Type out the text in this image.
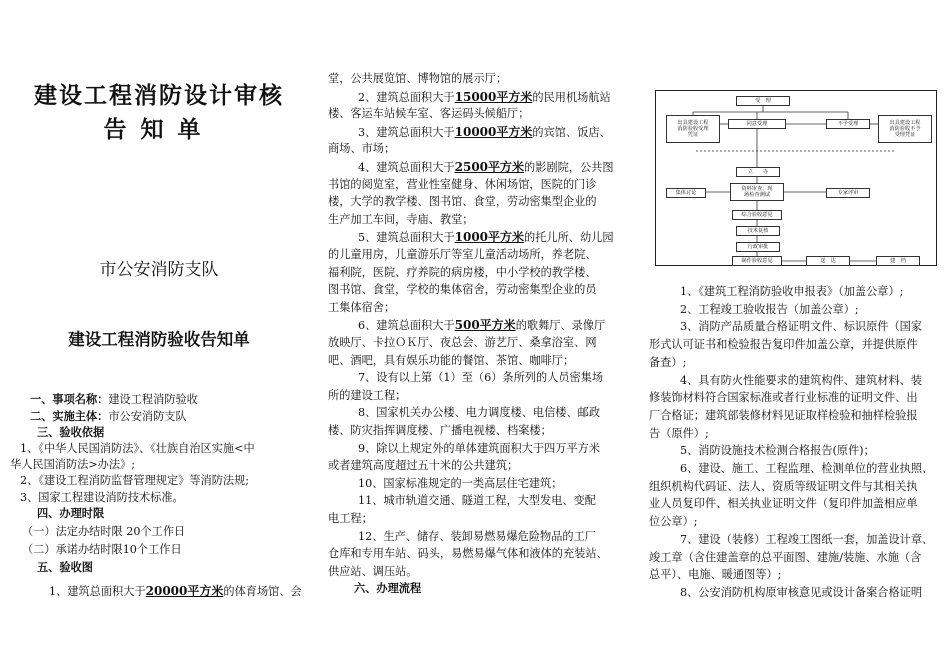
建设工程消防设计审核
告知单
市公安消防支队
建设工程消防验收告知单
一、事项名称：建设工程消防验收
二、实施主体：市公安消防支队
三、验收依据
1、《中华人民国消防法》、《壮族自治区实施<中
华人民国消防法>办法》;
2、《建设工程消防监督管理规定》等消防法规;
3、国家工程建设消防技术标准。
四、办理时限
（一）法定办结时限 20个工作日
（二）承诺办结时限10个工作日
五、验收图
1、建筑总面积大于20000平方米的体育场馆、会
堂，公共展览馆、博物馆的展示厅；
2、建筑总面积大于15000平方米的民用机场航站
楼、客运车站候车室、客运码头候船厅；
3、建筑总面积大于10000平方米的宾馆、饭店、
商场、市场；
4、建筑总面积大于2500平方米的影剧院，公共图
书馆的阅览室，营业性室健身、休闲场馆，医院的门诊
楼，大学的教学楼、图书馆、食堂，劳动密集型企业的
生产加工车间，寺庙、教堂；
5、建筑总面积大于1000平方米的托儿所、幼儿园
的儿童用房，儿童游乐厅等室儿童活动场所，养老院、
福利院，医院、疗养院的病房楼，中小学校的教学楼、
图书馆、食堂，学校的集体宿舍，劳动密集型企业的员
工集体宿舍；
6、建筑总面积大于500平方米的歌舞厅、录像厅
放映厅、卡拉ＯＫ厅、夜总会、游艺厅、桑拿浴室、网
吧、酒吧，具有娱乐功能的餐馆、茶馆、咖啡厅；
7、设有以上第（1）至（6）条所列的人员密集场
所的建设工程；
8、国家机关办公楼、电力调度楼、电信楼、邮政
楼、防灾指挥调度楼、广播电视楼、档案楼；
9、除以上规定外的单体建筑面积大于四万平方米
或者建筑高度超过五十米的公共建筑；
10、国家标准规定的一类高层住宅建筑；
11、城市轨道交通、隧道工程，大型发电、变配
电工程；
12、生产、储存、装卸易燃易爆危险物品的工厂
仓库和专用车站、码头，易燃易爆气体和液体的充装站、
供应站、调压站。
六、办理流程
受　理
出具建设工程
消防验收受理
凭证
同意受理	不予受理	出具建设工程
消防验收不予
受理凭证
立　　办
集体讨论
资料审查、现
场检查测试	专家评审
综合验收意见
技术复核
行政审批
制作验收意见	送　达	建　档
1、《建筑工程消防验收申报表》（加盖公章）;
2、工程竣工验收报告（加盖公章）;
3、消防产品质量合格证明文件、标识原件（国家
形式认可证书和检验报告复印件加盖公章，并提供原件
备查）;
4、具有防火性能要求的建筑构件、建筑材料、装
修装饰材料符合国家标准或者行业标准的证明文件、出
厂合格证；建筑部装修材料见证取样检验和抽样检验报
告（原件）;
5、消防设施技术检测合格报告(原件)；
6、建设、施工、工程监理、检测单位的营业执照、
组织机构代码证、法人、资质等级证明文件与其相关执
业人员复印件、相关执业证明文件（复印件加盖相应单
位公章）;
7、建设（装修）工程竣工图纸一套，加盖设计章、
竣工章（含住建盖章的总平面图、建施/装施、水施（含
总平）、电施、暖通图等）;
8、公安消防机构原审核意见或设计备案合格证明
